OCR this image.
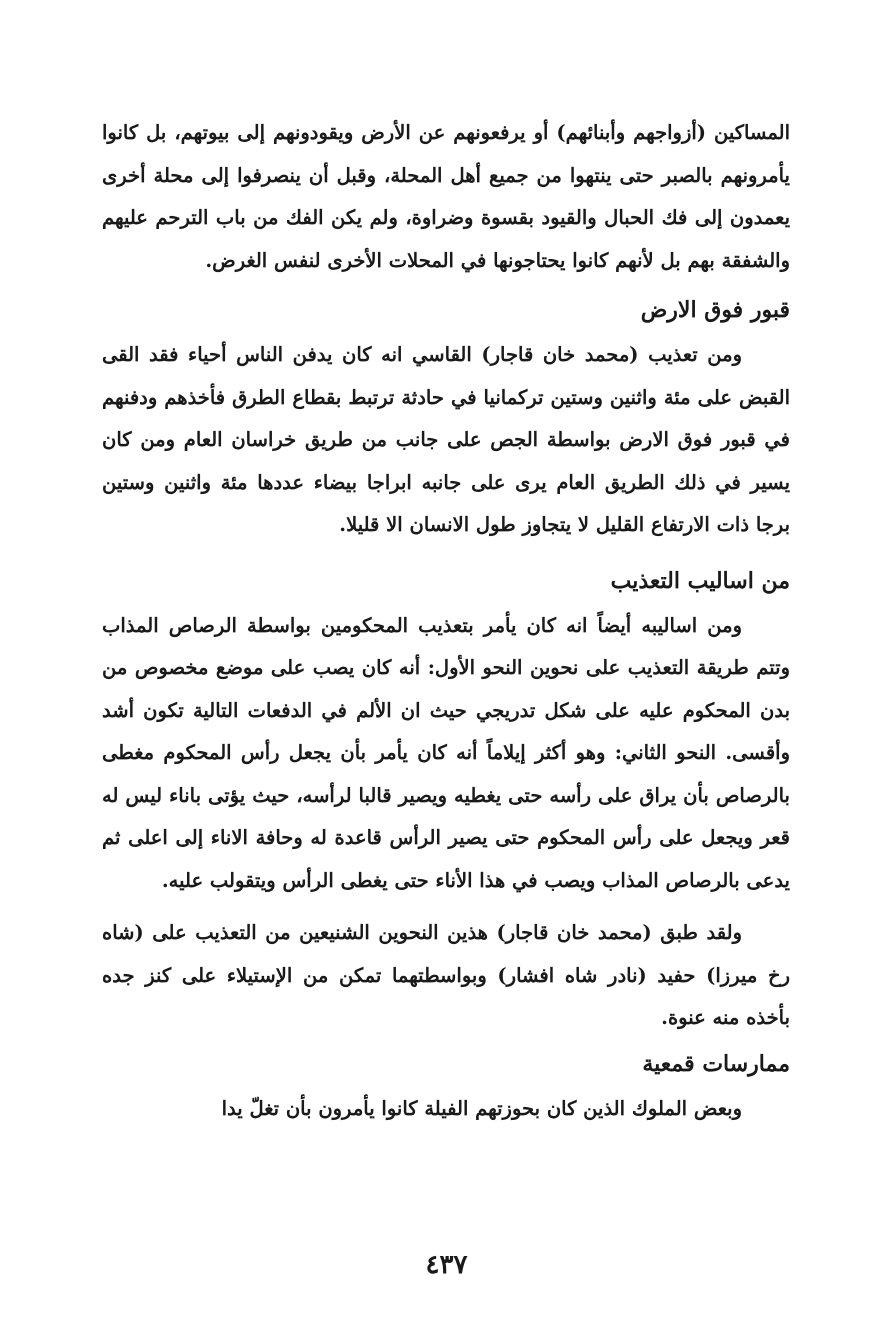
المساكين (أزواجهم وأبنائهم) أو يرفعونهم عن الأرض ويقودونهم إلى بيوتهم، بل كانوا يأمرونهم بالصبر حتى ينتهوا من جميع أهل المحلة، وقبل أن ينصرفوا إلى محلة أخرى يعمدون إلى فك الحبال والقيود بقسوة وضراوة، ولم يكن الفك من باب الترحم عليهم والشفقة بهم بل لأنهم كانوا يحتاجونها في المحلات الأخرى لنفس الغرض.

قبور فوق الارض

ومن تعذيب (محمد خان قاجار) القاسي انه كان يدفن الناس أحياء فقد القى القبض على مئة واثنين وستين تركمانيا في حادثة ترتبط بقطاع الطرق فأخذهم ودفنهم في قبور فوق الارض بواسطة الجص على جانب من طريق خراسان العام ومن كان يسير في ذلك الطريق العام يرى على جانبه ابراجا بيضاء عددها مئة واثنين وستين برجا ذات الارتفاع القليل لا يتجاوز طول الانسان الا قليلا.

من اساليب التعذيب

ومن اساليبه أيضاً انه كان يأمر بتعذيب المحكومين بواسطة الرصاص المذاب وتتم طريقة التعذيب على نحوين النحو الأول: أنه كان يصب على موضع مخصوص من بدن المحكوم عليه على شكل تدريجي حيث ان الألم في الدفعات التالية تكون أشد وأقسى. النحو الثاني: وهو أكثر إيلاماً أنه كان يأمر بأن يجعل رأس المحكوم مغطى بالرصاص بأن يراق على رأسه حتى يغطيه ويصير قالبا لرأسه، حيث يؤتى باناء ليس له قعر ويجعل على رأس المحكوم حتى يصير الرأس قاعدة له وحافة الاناء إلى اعلى ثم يدعى بالرصاص المذاب ويصب في هذا الأناء حتى يغطى الرأس ويتقولب عليه.

ولقد طبق (محمد خان قاجار) هذين النحوين الشنيعين من التعذيب على (شاه رخ ميرزا) حفيد (نادر شاه افشار) وبواسطتهما تمكن من الإستيلاء على كنز جده بأخذه منه عنوة.

ممارسات قمعية

وبعض الملوك الذين كان بحوزتهم الفيلة كانوا يأمرون بأن تغلّ يدا

٤٣٧
